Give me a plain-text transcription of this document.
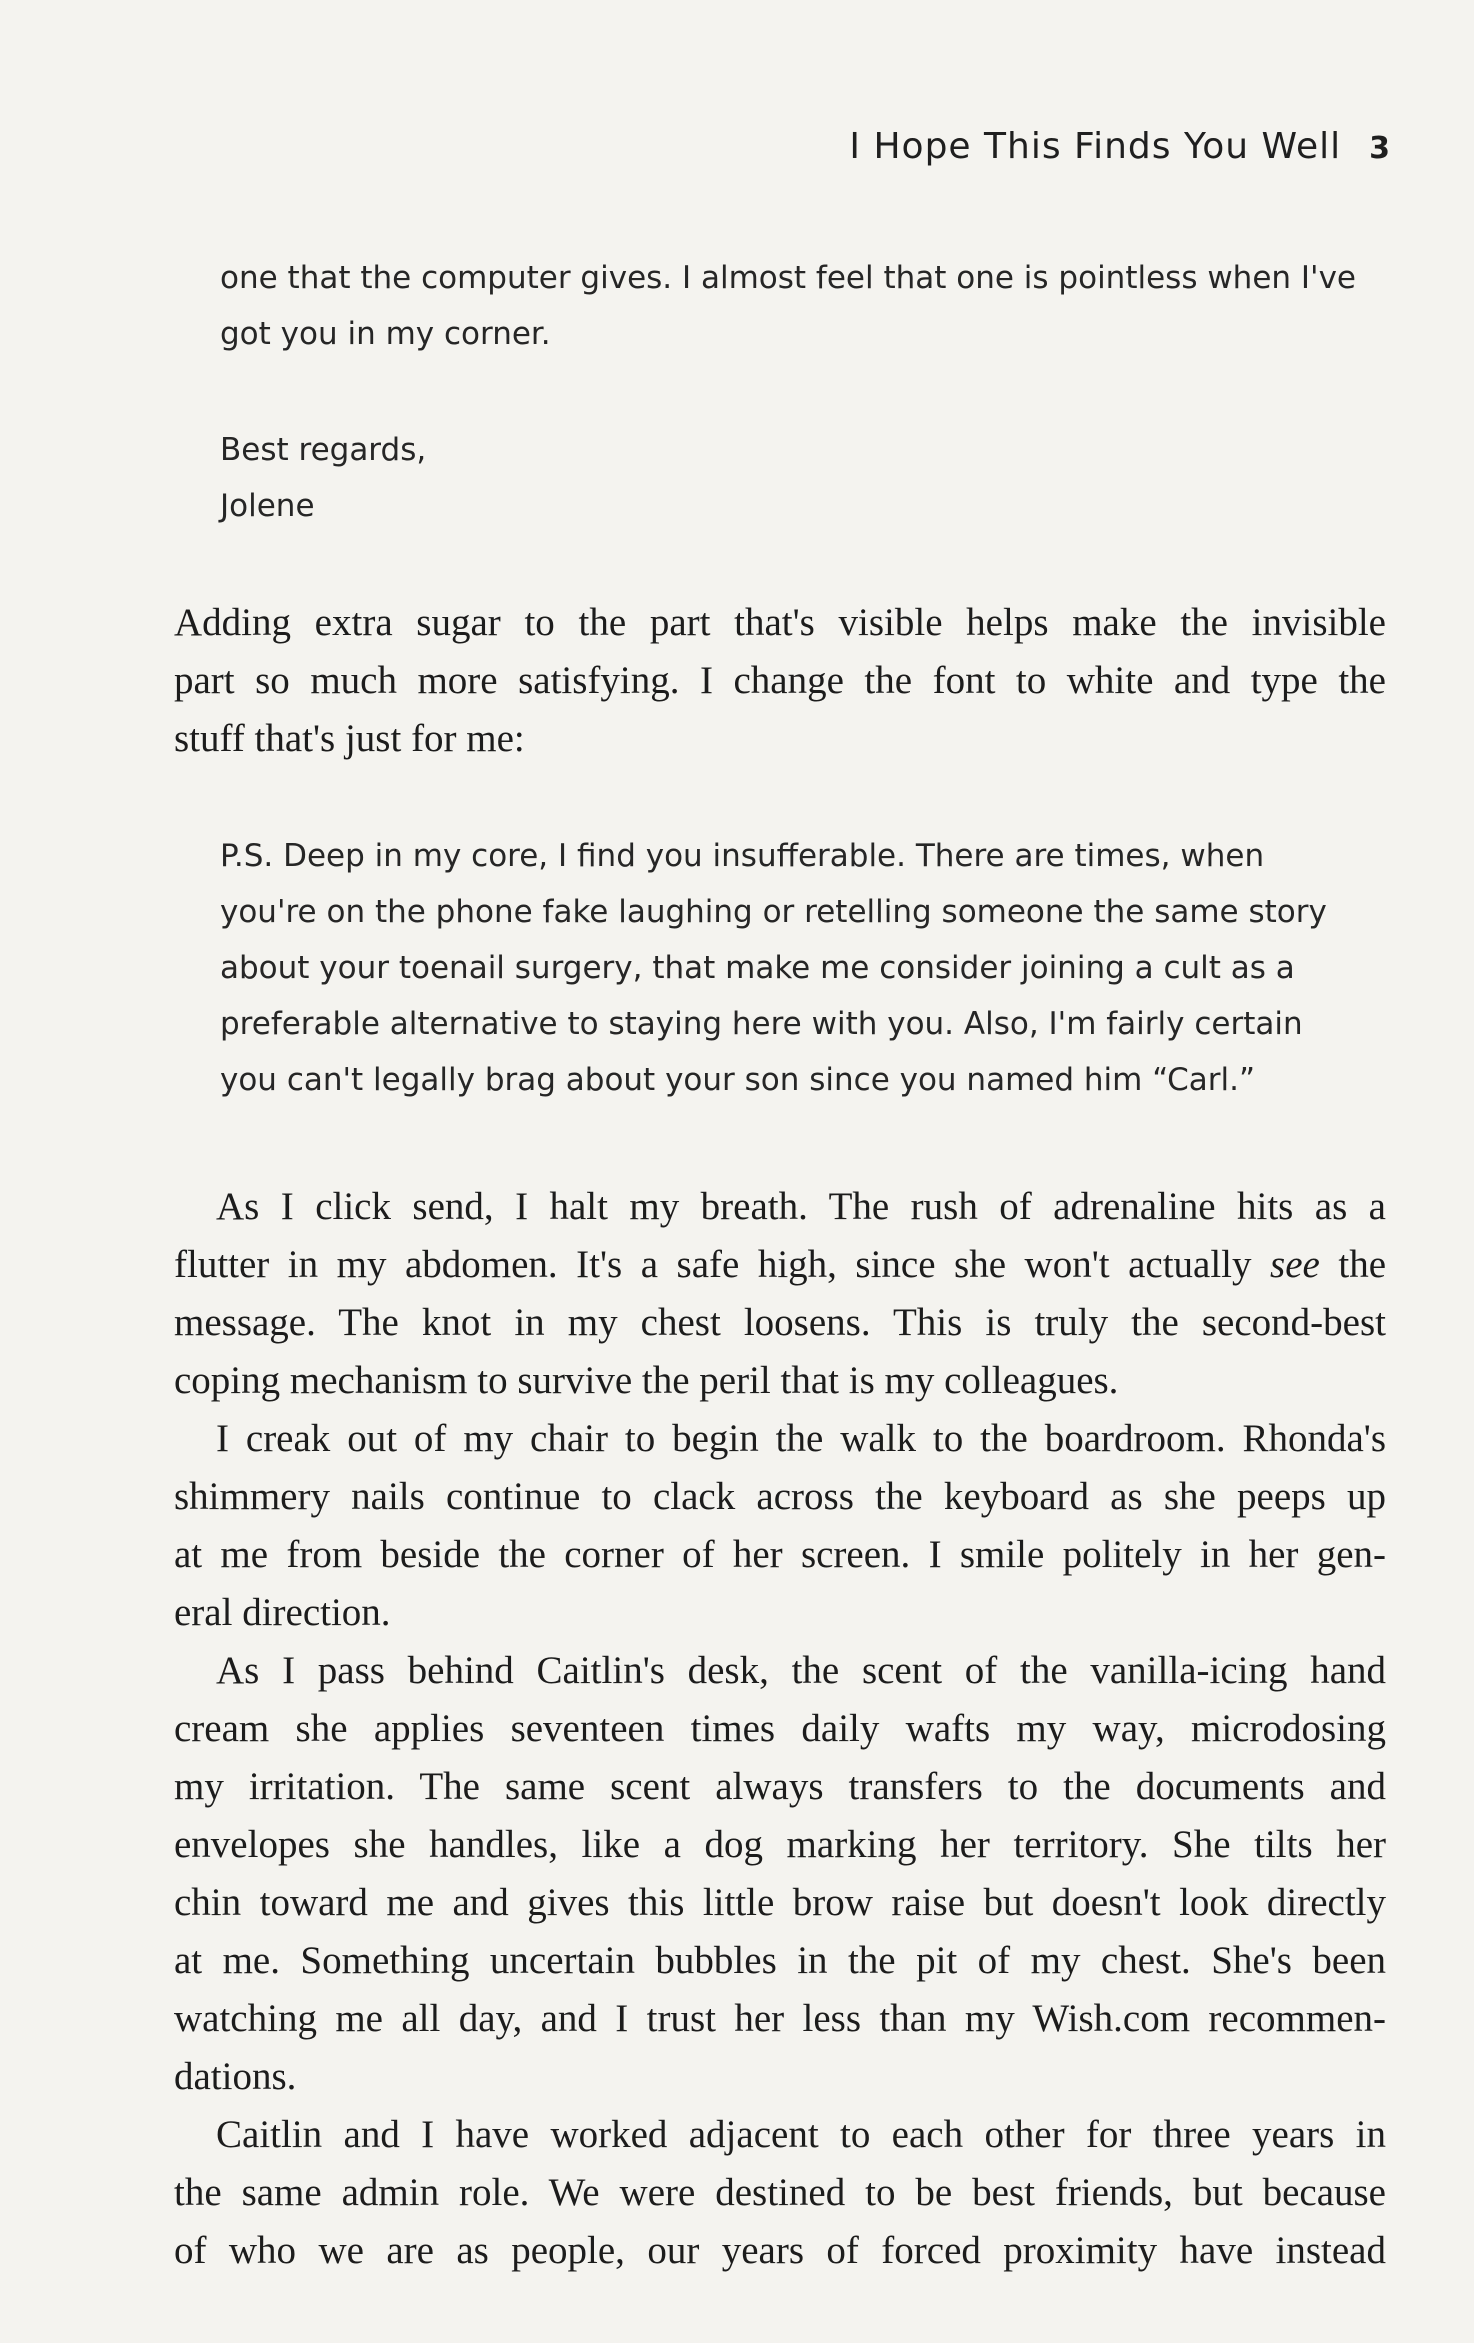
I Hope This Finds You Well 3
one that the computer gives. I almost feel that one is pointless when I've
got you in my corner.
Best regards,
Jolene
Adding extra sugar to the part that's visible helps make the invisible
part so much more satisfying. I change the font to white and type the
stuff that's just for me:
P.S. Deep in my core, I find you insufferable. There are times, when
you're on the phone fake laughing or retelling someone the same story
about your toenail surgery, that make me consider joining a cult as a
preferable alternative to staying here with you. Also, I'm fairly certain
you can't legally brag about your son since you named him “Carl.”
As I click send, I halt my breath. The rush of adrenaline hits as a
flutter in my abdomen. It's a safe high, since she won't actually see the
message. The knot in my chest loosens. This is truly the second-best
coping mechanism to survive the peril that is my colleagues.
I creak out of my chair to begin the walk to the boardroom. Rhonda's
shimmery nails continue to clack across the keyboard as she peeps up
at me from beside the corner of her screen. I smile politely in her gen-
eral direction.
As I pass behind Caitlin's desk, the scent of the vanilla-icing hand
cream she applies seventeen times daily wafts my way, microdosing
my irritation. The same scent always transfers to the documents and
envelopes she handles, like a dog marking her territory. She tilts her
chin toward me and gives this little brow raise but doesn't look directly
at me. Something uncertain bubbles in the pit of my chest. She's been
watching me all day, and I trust her less than my Wish.com recommen-
dations.
Caitlin and I have worked adjacent to each other for three years in
the same admin role. We were destined to be best friends, but because
of who we are as people, our years of forced proximity have instead
